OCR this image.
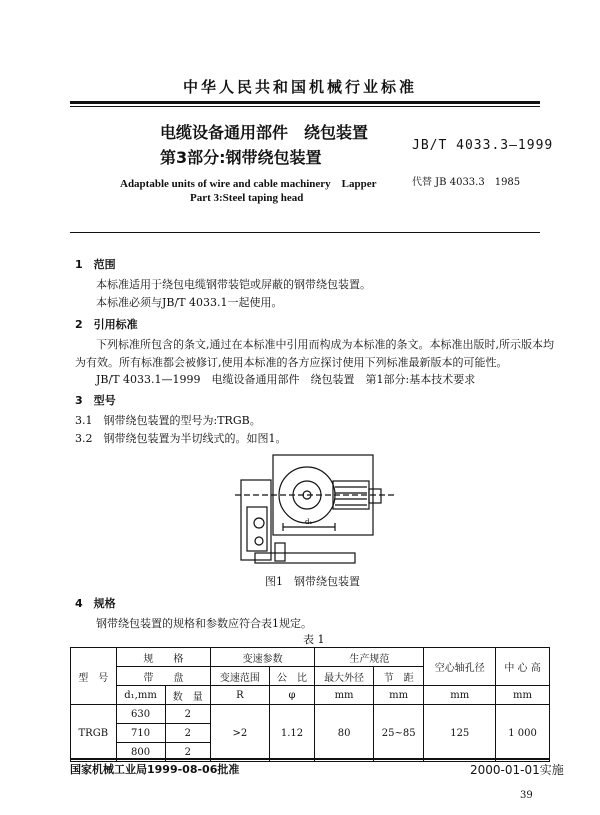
中华人民共和国机械行业标准
电缆设备通用部件　绕包装置
第3部分:钢带绕包装置
JB/T 4033.3—1999
Adaptable units of wire and cable machinery　Lapper
Part 3:Steel taping head
代替 JB 4033.3　1985
1　范围
本标准适用于绕包电缆钢带装铠或屏蔽的钢带绕包装置。
本标准必须与JB/T 4033.1一起使用。
2　引用标准
下列标准所包含的条文,通过在本标准中引用而构成为本标准的条文。本标准出版时,所示版本均
为有效。所有标准都会被修订,使用本标准的各方应探讨使用下列标准最新版本的可能性。
JB/T 4033.1—1999　电缆设备通用部件　绕包装置　第1部分:基本技术要求
3　型号
3.1　钢带绕包装置的型号为:TRGB。
3.2　钢带绕包装置为半切线式的。如图1。
d₁
图1　钢带绕包装置
4　规格
钢带绕包装置的规格和参数应符合表1规定。
表 1
型　号	规　　格		变速参数		生产规范		空心轴孔径	中 心 高
	带　　盘		变速范围	公　比	最大外径	节　距		
	d₁,mm	数　量	R	φ	mm	mm	mm	mm
TRGB	630	2	>2	1.12	80	25~85	125	1 000
	710	2						
	800	2						
国家机械工业局1999-08-06批准	2000-01-01实施
39
